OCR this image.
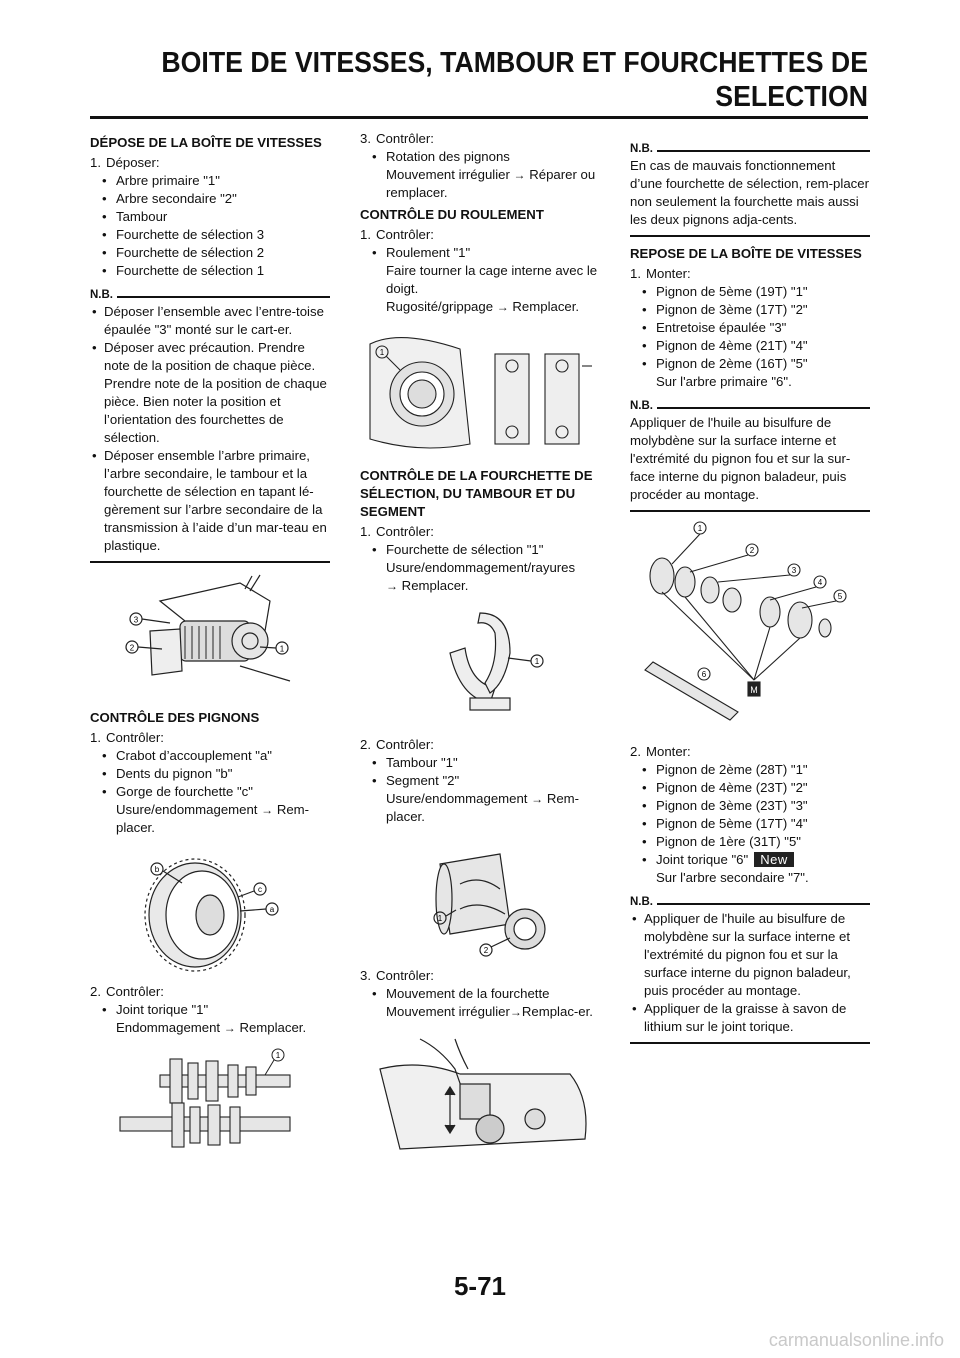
BOITE DE VITESSES, TAMBOUR ET FOURCHETTES DE
SELECTION
DÉPOSE DE LA BOÎTE DE VITESSES
1. Déposer:
• Arbre primaire "1"
• Arbre secondaire "2"
• Tambour
• Fourchette de sélection 3
• Fourchette de sélection 2
• Fourchette de sélection 1
N.B.
• Déposer l’ensemble avec l’entre-toise épaulée "3" monté sur le cart-er.
• Déposer avec précaution. Prendre note de la position de chaque pièce. Prendre note de la position de chaque pièce. Bien noter la position et l’orientation des fourchettes de sélection.
• Déposer ensemble l’arbre primaire, l’arbre secondaire, le tambour et la fourchette de sélection en tapant lé-gèrement sur l’arbre secondaire de la transmission à l’aide d’un mar-teau en plastique.
3
2	1
CONTRÔLE DES PIGNONS
1. Contrôler:
• Crabot d’accouplement "a"
• Dents du pignon "b"
• Gorge de fourchette "c"
Usure/endommagement → Rem-placer.
b
c
a
2. Contrôler:
• Joint torique "1"
Endommagement → Remplacer.
1
3. Contrôler:
• Rotation des pignons
Mouvement irrégulier → Réparer ou remplacer.
CONTRÔLE DU ROULEMENT
1. Contrôler:
• Roulement "1"
Faire tourner la cage interne avec le doigt.
Rugosité/grippage → Remplacer.
1
CONTRÔLE DE LA FOURCHETTE DE SÉLECTION, DU TAMBOUR ET DU SEGMENT
1. Contrôler:
• Fourchette de sélection "1"
Usure/endommagement/rayures
→ Remplacer.
1
2. Contrôler:
• Tambour "1"
• Segment "2"
Usure/endommagement → Rem-placer.
1
2
3. Contrôler:
• Mouvement de la fourchette
Mouvement irrégulier→Remplac-er.
N.B.
En cas de mauvais fonctionnement d’une fourchette de sélection, rem-placer non seulement la fourchette mais aussi les deux pignons adja-cents.
REPOSE DE LA BOÎTE DE VITESSES
1. Monter:
• Pignon de 5ème (19T) "1"
• Pignon de 3ème (17T) "2"
• Entretoise épaulée "3"
• Pignon de 4ème (21T) "4"
• Pignon de 2ème (16T) "5"
Sur l'arbre primaire "6".
N.B.
Appliquer de l'huile au bisulfure de molybdène sur la surface interne et l'extrémité du pignon fou et sur la sur-face interne du pignon baladeur, puis procéder au montage.
1
2
3
4
5
6
M
2. Monter:
• Pignon de 2ème (28T) "1"
• Pignon de 4ème (23T) "2"
• Pignon de 3ème (23T) "3"
• Pignon de 5ème (17T) "4"
• Pignon de 1ère (31T) "5"
• Joint torique "6" New
Sur l'arbre secondaire "7".
N.B.
• Appliquer de l'huile au bisulfure de molybdène sur la surface interne et l'extrémité du pignon fou et sur la surface interne du pignon baladeur, puis procéder au montage.
• Appliquer de la graisse à savon de lithium sur le joint torique.
5-71
carmanualsonline.info
